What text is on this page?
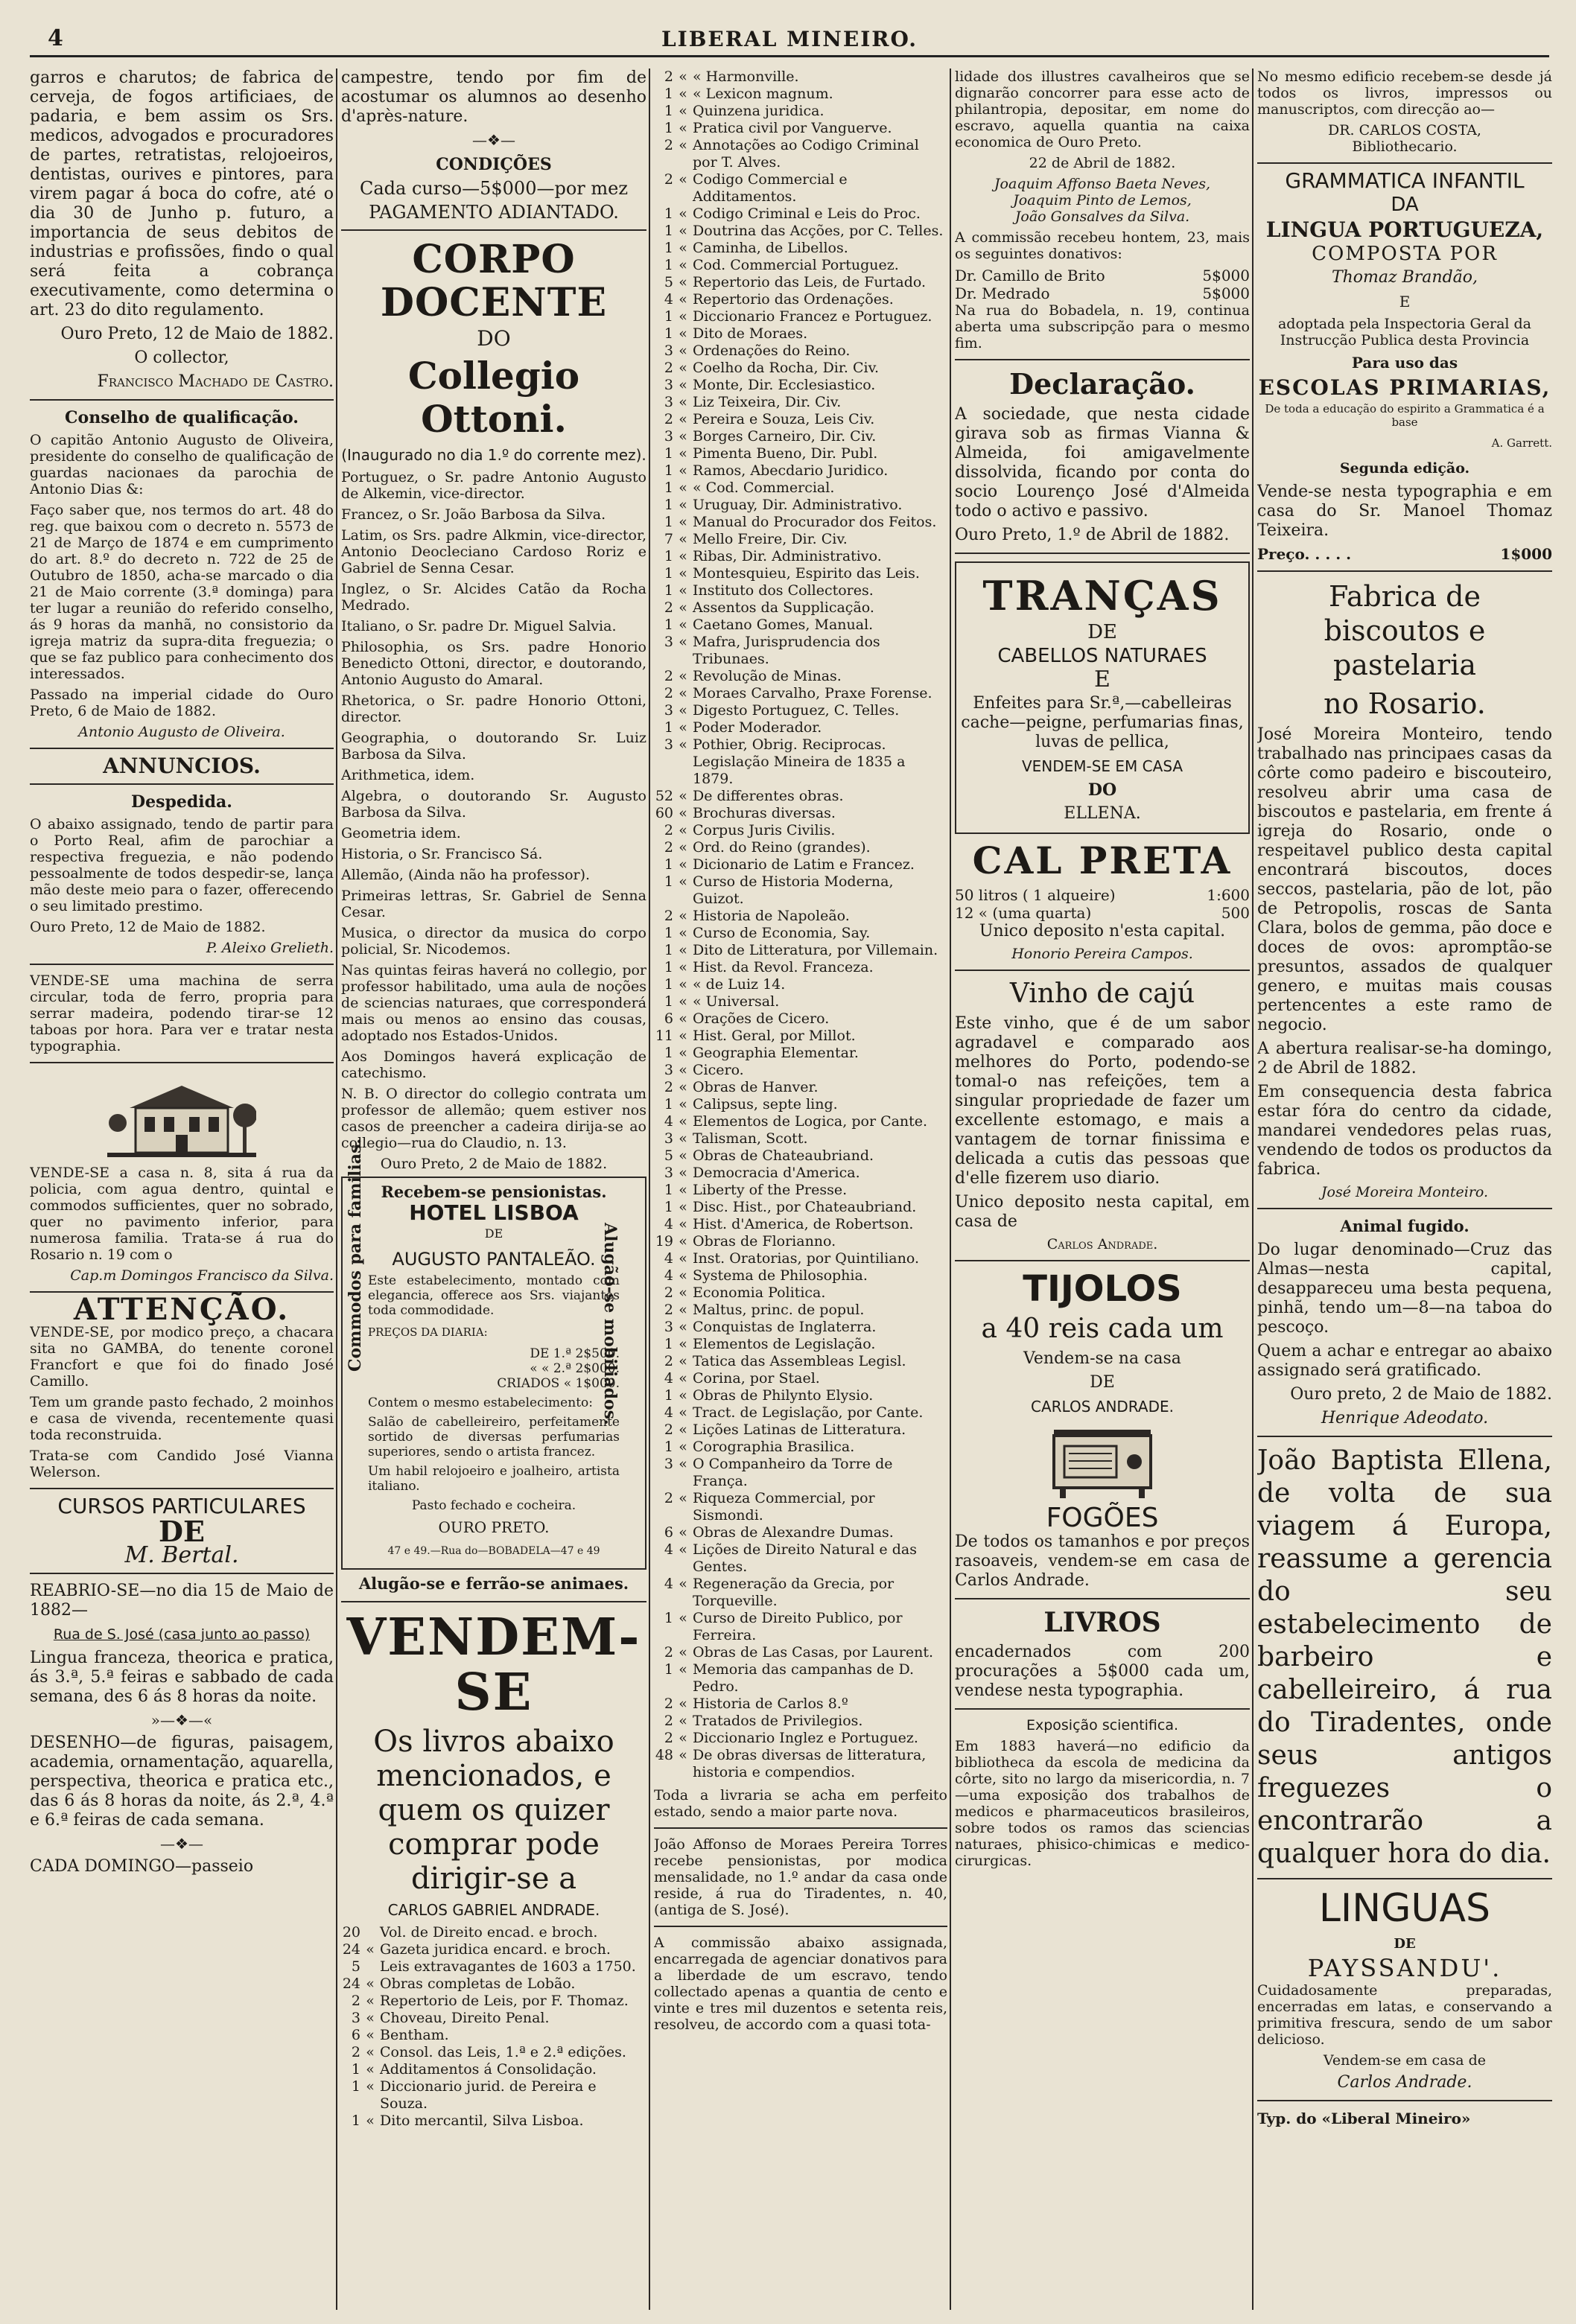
4	LIBERAL MINEIRO.

garros e charutos; de fabrica de cerveja, de fogos artificiaes, de padaria, e bem assim os Srs. medicos, advogados e procuradores de partes, retratistas, relojoeiros, dentistas, ourives e pintores, para virem pagar á boca do cofre, até o dia 30 de Junho p. futuro, a importancia de seus debitos de industrias e profissões, findo o qual será feita a cobrança executivamente, como determina o art. 23 do dito regulamento.

Ouro Preto, 12 de Maio de 1882.

O collector,

Francisco Machado de Castro.

Conselho de qualificação.

O capitão Antonio Augusto de Oliveira, presidente do conselho de qualificação de guardas nacionaes da parochia de Antonio Dias &:

Faço saber que, nos termos do art. 48 do reg. que baixou com o decreto n. 5573 de 21 de Março de 1874 e em cumprimento do art. 8.º do decreto n. 722 de 25 de Outubro de 1850, acha-se marcado o dia 21 de Maio corrente (3.ª dominga) para ter lugar a reunião do referido conselho, ás 9 horas da manhã, no consistorio da igreja matriz da supra-dita freguezia; o que se faz publico para conhecimento dos interessados.

Passado na imperial cidade do Ouro Preto, 6 de Maio de 1882.

Antonio Augusto de Oliveira.

ANNUNCIOS.

Despedida.

O abaixo assignado, tendo de partir para o Porto Real, afim de parochiar a respectiva freguezia, e não podendo pessoalmente de todos despedir-se, lança mão deste meio para o fazer, offerecendo o seu limitado prestimo.

Ouro Preto, 12 de Maio de 1882.

P. Aleixo Grelieth.

VENDE-SE uma machina de serra circular, toda de ferro, propria para serrar madeira, podendo tirar-se 12 taboas por hora. Para ver e tratar nesta typographia.

VENDE-SE a casa n. 8, sita á rua da policia, com agua dentro, quintal e commodos sufficientes, quer no sobrado, quer no pavimento inferior, para numerosa familia. Trata-se á rua do Rosario n. 19 com o

Cap.m Domingos Francisco da Silva.

ATTENÇÃO.

VENDE-SE, por modico preço, a chacara sita no GAMBA, do tenente coronel Francfort e que foi do finado José Camillo.

Tem um grande pasto fechado, 2 moinhos e casa de vivenda, recentemente quasi toda reconstruida.

Trata-se com Candido José Vianna Welerson.

CURSOS PARTICULARES

DE

M. Bertal.

REABRIO-SE—no dia 15 de Maio de 1882—

Rua de S. José (casa junto ao passo)

Lingua franceza, theorica e pratica, ás 3.ª, 5.ª feiras e sabbado de cada semana, des 6 ás 8 horas da noite.

»—❖—«

DESENHO—de figuras, paisagem, academia, ornamentação, aquarella, perspectiva, theorica e pratica etc., das 6 ás 8 horas da noite, ás 2.ª, 4.ª e 6.ª feiras de cada semana.

—❖—

CADA DOMINGO—passeio

campestre, tendo por fim de acostumar os alumnos ao desenho d'après-nature.

—❖—

CONDIÇÕES

Cada curso—5$000—por mez

PAGAMENTO ADIANTADO.

CORPO DOCENTE

DO

Collegio Ottoni.

(Inaugurado no dia 1.º do corrente mez).

Portuguez, o Sr. padre Antonio Augusto de Alkemin, vice-director.

Francez, o Sr. João Barbosa da Silva.

Latim, os Srs. padre Alkmin, vice-director, Antonio Deocleciano Cardoso Roriz e Gabriel de Senna Cesar.

Inglez, o Sr. Alcides Catão da Rocha Medrado.

Italiano, o Sr. padre Dr. Miguel Salvia.

Philosophia, os Srs. padre Honorio Benedicto Ottoni, director, e doutorando, Antonio Augusto do Amaral.

Rhetorica, o Sr. padre Honorio Ottoni, director.

Geographia, o doutorando Sr. Luiz Barbosa da Silva.

Arithmetica, idem.

Algebra, o doutorando Sr. Augusto Barbosa da Silva.

Geometria idem.

Historia, o Sr. Francisco Sá.

Allemão, (Ainda não ha professor).

Primeiras lettras, Sr. Gabriel de Senna Cesar.

Musica, o director da musica do corpo policial, Sr. Nicodemos.

Nas quintas feiras haverá no collegio, por professor habilitado, uma aula de noções de sciencias naturaes, que corresponderá mais ou menos ao ensino das cousas, adoptado nos Estados-Unidos.

Aos Domingos haverá explicação de catechismo.

N. B. O director do collegio contrata um professor de allemão; quem estiver nos casos de preencher a cadeira dirija-se ao collegio—rua do Claudio, n. 13.

Ouro Preto, 2 de Maio de 1882.

Commodos para familias.	Alugão-se mobiliados.

Recebem-se pensionistas.

HOTEL LISBOA

DE

AUGUSTO PANTALEÃO.

Este estabelecimento, montado com elegancia, offerece aos Srs. viajantes toda commodidade.

PREÇOS DA DIARIA:

DE 1.ª 2$500.

« « 2.ª 2$000.

CRIADOS « 1$000.

Contem o mesmo estabelecimento:

Salão de cabelleireiro, perfeitamente sortido de diversas perfumarias superiores, sendo o artista francez.

Um habil relojoeiro e joalheiro, artista italiano.

Pasto fechado e cocheira.

OURO PRETO.

47 e 49.—Rua do—BOBADELA—47 e 49

Alugão-se e ferrão-se animaes.

VENDEM-SE

Os livros abaixo mencionados, e quem os quizer comprar pode dirigir-se a

CARLOS GABRIEL ANDRADE.

20 Vol. de Direito encad. e broch.
24 « Gazeta juridica encard. e broch.
5 Leis extravagantes de 1603 a 1750.
24 « Obras completas de Lobão.
2 « Repertorio de Leis, por F. Thomaz.
3 « Choveau, Direito Penal.
6 « Bentham.
2 « Consol. das Leis, 1.ª e 2.ª edições.
1 « Additamentos á Consolidação.
1 « Diccionario jurid. de Pereira e Souza.
1 « Dito mercantil, Silva Lisboa.
2 « « Harmonville.
1 « « Lexicon magnum.
1 « Quinzena juridica.
1 « Pratica civil por Vanguerve.
2 « Annotações ao Codigo Criminal por T. Alves.
2 « Codigo Commercial e Additamentos.
1 « Codigo Criminal e Leis do Proc.
1 « Doutrina das Acções, por C. Telles.
1 « Caminha, de Libellos.
1 « Cod. Commercial Portuguez.
5 « Repertorio das Leis, de Furtado.
4 « Repertorio das Ordenações.
1 « Diccionario Francez e Portuguez.
1 « Dito de Moraes.
3 « Ordenações do Reino.
2 « Coelho da Rocha, Dir. Civ.
3 « Monte, Dir. Ecclesiastico.
3 « Liz Teixeira, Dir. Civ.
2 « Pereira e Souza, Leis Civ.
3 « Borges Carneiro, Dir. Civ.
1 « Pimenta Bueno, Dir. Publ.
1 « Ramos, Abecdario Juridico.
1 « « Cod. Commercial.
1 « Uruguay, Dir. Administrativo.
1 « Manual do Procurador dos Feitos.
7 « Mello Freire, Dir. Civ.
1 « Ribas, Dir. Administrativo.
1 « Montesquieu, Espirito das Leis.
1 « Instituto dos Collectores.
2 « Assentos da Supplicação.
1 « Caetano Gomes, Manual.
3 « Mafra, Jurisprudencia dos Tribunaes.
2 « Revolução de Minas.
2 « Moraes Carvalho, Praxe Forense.
3 « Digesto Portuguez, C. Telles.
1 « Poder Moderador.
3 « Pothier, Obrig. Reciprocas.
Legislação Mineira de 1835 a 1879.
52 « De differentes obras.
60 « Brochuras diversas.
2 « Corpus Juris Civilis.
2 « Ord. do Reino (grandes).
1 « Dicionario de Latim e Francez.
1 « Curso de Historia Moderna, Guizot.
2 « Historia de Napoleão.
1 « Curso de Economia, Say.
1 « Dito de Litteratura, por Villemain.
1 « Hist. da Revol. Franceza.
1 « « de Luiz 14.
1 « « Universal.
6 « Orações de Cicero.
11 « Hist. Geral, por Millot.
1 « Geographia Elementar.
3 « Cicero.
2 « Obras de Hanver.
1 « Calipsus, septe ling.
4 « Elementos de Logica, por Cante.
3 « Talisman, Scott.
5 « Obras de Chateaubriand.
3 « Democracia d'America.
1 « Liberty of the Presse.
1 « Disc. Hist., por Chateaubriand.
4 « Hist. d'America, de Robertson.
19 « Obras de Florianno.
4 « Inst. Oratorias, por Quintiliano.
4 « Systema de Philosophia.
2 « Economia Politica.
2 « Maltus, princ. de popul.
3 « Conquistas de Inglaterra.
1 « Elementos de Legislação.
2 « Tatica das Assembleas Legisl.
4 « Corina, por Stael.
1 « Obras de Philynto Elysio.
4 « Tract. de Legislação, por Cante.
2 « Lições Latinas de Litteratura.
1 « Corographia Brasilica.
3 « O Companheiro da Torre de França.
2 « Riqueza Commercial, por Sismondi.
6 « Obras de Alexandre Dumas.
4 « Lições de Direito Natural e das Gentes.
4 « Regeneração da Grecia, por Torqueville.
1 « Curso de Direito Publico, por Ferreira.
2 « Obras de Las Casas, por Laurent.
1 « Memoria das campanhas de D. Pedro.
2 « Historia de Carlos 8.º
2 « Tratados de Privilegios.
2 « Diccionario Inglez e Portuguez.
48 « De obras diversas de litteratura, historia e compendios.

Toda a livraria se acha em perfeito estado, sendo a maior parte nova.

João Affonso de Moraes Pereira Torres recebe pensionistas, por modica mensalidade, no 1.º andar da casa onde reside, á rua do Tiradentes, n. 40, (antiga de S. José).

A commissão abaixo assignada, encarregada de agenciar donativos para a liberdade de um escravo, tendo collectado apenas a quantia de cento e vinte e tres mil duzentos e setenta reis, resolveu, de accordo com a quasi tota-

lidade dos illustres cavalheiros que se dignarão concorrer para esse acto de philantropia, depositar, em nome do escravo, aquella quantia na caixa economica de Ouro Preto.

22 de Abril de 1882.

Joaquim Affonso Baeta Neves,

Joaquim Pinto de Lemos,

João Gonsalves da Silva.

A commissão recebeu hontem, 23, mais os seguintes donativos:

Dr. Camillo de Brito	5$000
Dr. Medrado	5$000

Na rua do Bobadela, n. 19, continua aberta uma subscripção para o mesmo fim.

Declaração.

A sociedade, que nesta cidade girava sob as firmas Vianna & Almeida, foi amigavelmente dissolvida, ficando por conta do socio Lourenço José d'Almeida todo o activo e passivo.

Ouro Preto, 1.º de Abril de 1882.

TRANÇAS

DE

CABELLOS NATURAES

E

Enfeites para Sr.ª,—cabelleiras cache—peigne, perfumarias finas, luvas de pellica,

VENDEM-SE EM CASA

DO

ELLENA.

CAL PRETA

50 litros ( 1 alqueire)	1:600
12 « (uma quarta)	500

Unico deposito n'esta capital.

Honorio Pereira Campos.

Vinho de cajú

Este vinho, que é de um sabor agradavel e comparado aos melhores do Porto, podendo-se tomal-o nas refeições, tem a singular propriedade de fazer um excellente estomago, e mais a vantagem de tornar finissima e delicada a cutis das pessoas que d'elle fizerem uso diario.

Unico deposito nesta capital, em casa de

Carlos Andrade.

TIJOLOS

a 40 reis cada um

Vendem-se na casa

DE

CARLOS ANDRADE.

FOGÕES

De todos os tamanhos e por preços rasoaveis, vendem-se em casa de Carlos Andrade.

LIVROS

encadernados com 200 procurações a 5$000 cada um, vendese nesta typographia.

Exposição scientifica.

Em 1883 haverá—no edificio da bibliotheca da escola de medicina da côrte, sito no largo da misericordia, n. 7—uma exposição dos trabalhos de medicos e pharmaceuticos brasileiros, sobre todos os ramos das sciencias naturaes, phisico-chimicas e medico-cirurgicas.

No mesmo edificio recebem-se desde já todos os livros, impressos ou manuscriptos, com direcção ao—

DR. CARLOS COSTA,

Bibliothecario.

GRAMMATICA INFANTIL

DA

LINGUA PORTUGUEZA,

COMPOSTA POR

Thomaz Brandão,

E

adoptada pela Inspectoria Geral da Instrucção Publica desta Provincia

Para uso das

ESCOLAS PRIMARIAS,

De toda a educação do espirito a Grammatica é a base

A. Garrett.

Segunda edição.

Vende-se nesta typographia e em casa do Sr. Manoel Thomaz Teixeira.

Preço. . . . .	1$000

Fabrica de biscoutos e pastelaria

no Rosario.

José Moreira Monteiro, tendo trabalhado nas principaes casas da côrte como padeiro e biscouteiro, resolveu abrir uma casa de biscoutos e pastelaria, em frente á igreja do Rosario, onde o respeitavel publico desta capital encontrará biscoutos, doces seccos, pastelaria, pão de lot, pão de Petropolis, roscas de Santa Clara, bolos de gemma, pão doce e doces de ovos: apromptão-se presuntos, assados de qualquer genero, e muitas mais cousas pertencentes a este ramo de negocio.

A abertura realisar-se-ha domingo, 2 de Abril de 1882.

Em consequencia desta fabrica estar fóra do centro da cidade, mandarei vendedores pelas ruas, vendendo de todos os productos da fabrica.

José Moreira Monteiro.

Animal fugido.

Do lugar denominado—Cruz das Almas—nesta capital, desappareceu uma besta pequena, pinhã, tendo um—8—na taboa do pescoço.

Quem a achar e entregar ao abaixo assignado será gratificado.

Ouro preto, 2 de Maio de 1882.

Henrique Adeodato.

João Baptista Ellena, de volta de sua viagem á Europa, reassume a gerencia do seu estabelecimento de barbeiro e cabelleireiro, á rua do Tiradentes, onde seus antigos freguezes o encontrarão a qualquer hora do dia.

LINGUAS

DE

PAYSSANDU'.

Cuidadosamente preparadas, encerradas em latas, e conservando a primitiva frescura, sendo de um sabor delicioso.

Vendem-se em casa de

Carlos Andrade.

Typ. do «Liberal Mineiro»
